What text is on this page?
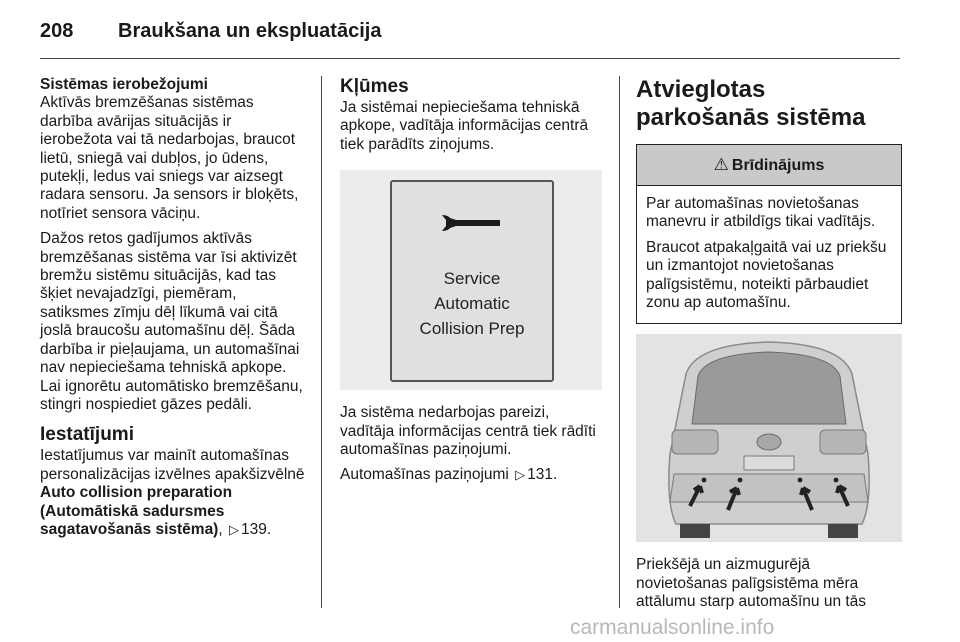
208 Braukšana un ekspluatācija

Sistēmas ierobežojumi

Aktīvās bremzēšanas sistēmas darbība avārijas situācijās ir ierobežota vai tā nedarbojas, braucot lietū, sniegā vai dubļos, jo ūdens, putekļi, ledus vai sniegs var aizsegt radara sensoru. Ja sensors ir bloķēts, notīriet sensora vāciņu.

Dažos retos gadījumos aktīvās bremzēšanas sistēma var īsi aktivizēt bremžu sistēmu situācijās, kad tas šķiet nevajadzīgi, piemēram, satiksmes zīmju dēļ līkumā vai citā joslā braucošu automašīnu dēļ. Šāda darbība ir pieļaujama, un automašīnai nav nepieciešama tehniskā apkope. Lai ignorētu automātisko bremzēšanu, stingri nospiediet gāzes pedāli.

Iestatījumi

Iestatījumus var mainīt automašīnas personalizācijas izvēlnes apakšizvēlnē Auto collision preparation (Automātiskā sadursmes sagatavošanās sistēma), ▷ 139.

Kļūmes

Ja sistēmai nepieciešama tehniskā apkope, vadītāja informācijas centrā tiek parādīts ziņojums.

Service
Automatic
Collision Prep

Ja sistēma nedarbojas pareizi, vadītāja informācijas centrā tiek rādīti automašīnas paziņojumi.

Automašīnas paziņojumi ▷ 131.

Atvieglotas parkošanās sistēma
⚠ Brīdinājums

Par automašīnas novietošanas manevru ir atbildīgs tikai vadītājs.

Braucot atpakaļgaitā vai uz priekšu un izmantojot novietošanas palīgsistēmu, noteikti pārbaudiet zonu ap automašīnu.

Priekšējā un aizmugurējā novietošanas palīgsistēma mēra attālumu starp automašīnu un tās

carmanualsonline.info
